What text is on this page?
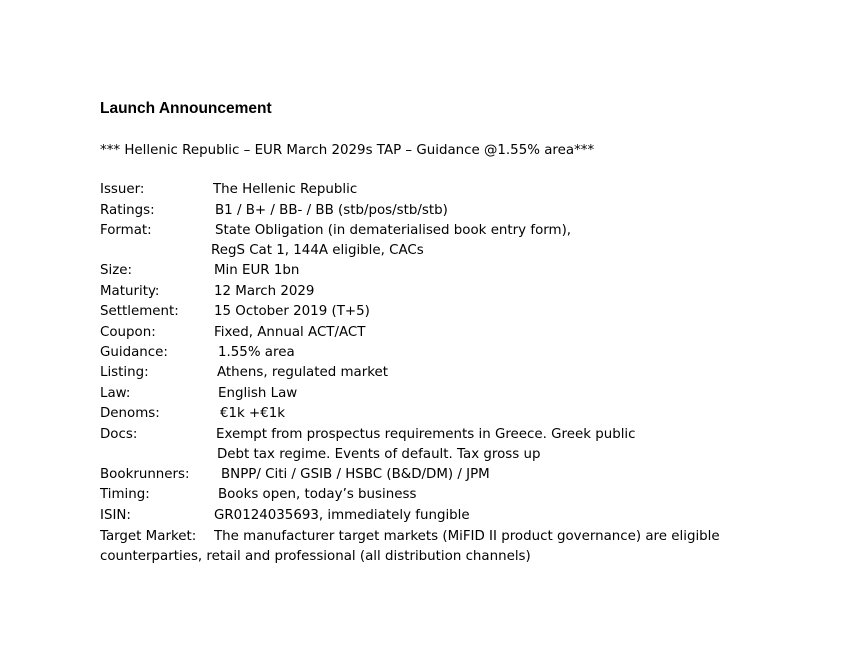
Launch Announcement
*** Hellenic Republic – EUR March 2029s TAP – Guidance @1.55% area***
Issuer:	The Hellenic Republic
Ratings:	B1 / B+ / BB- / BB (stb/pos/stb/stb)
Format:	State Obligation (in dematerialised book entry form),
RegS Cat 1, 144A eligible, CACs
Size:	Min EUR 1bn
Maturity:	12 March 2029
Settlement:	15 October 2019 (T+5)
Coupon:	Fixed, Annual ACT/ACT
Guidance:	1.55% area
Listing:	Athens, regulated market
Law:	English Law
Denoms:	€1k +€1k
Docs:	Exempt from prospectus requirements in Greece. Greek public
Debt tax regime. Events of default. Tax gross up
Bookrunners: BNPP/ Citi / GSIB / HSBC (B&D/DM) / JPM
Timing:	Books open, today’s business
ISIN:	GR0124035693, immediately fungible
Target Market: The manufacturer target markets (MiFID II product governance) are eligible
counterparties, retail and professional (all distribution channels)
